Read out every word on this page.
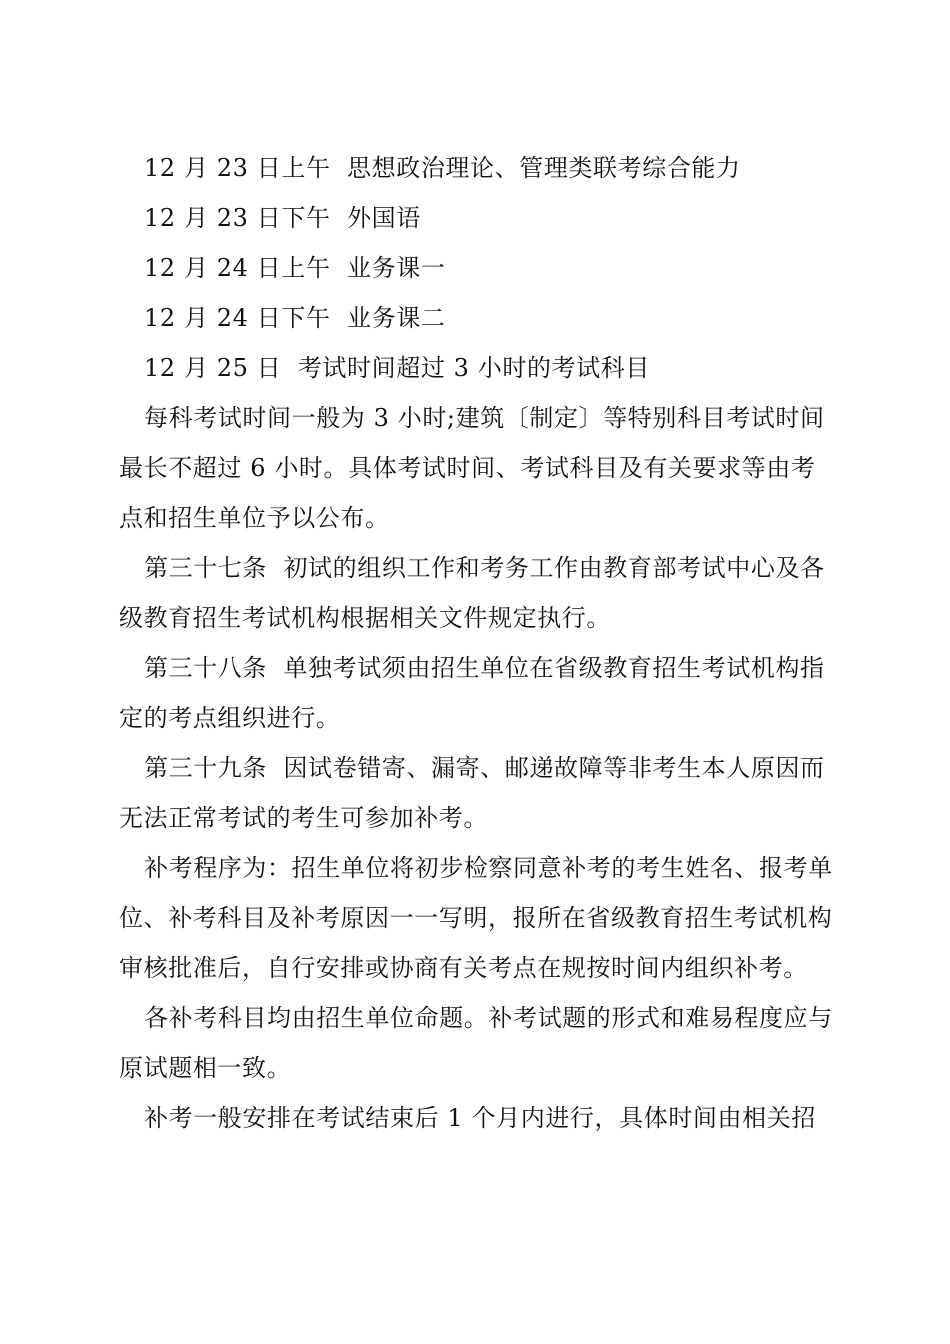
12 月 23 日上午  思想政治理论、管理类联考综合能力

12 月 23 日下午  外国语

12 月 24 日上午  业务课一

12 月 24 日下午  业务课二

12 月 25 日  考试时间超过 3 小时的考试科目

每科考试时间一般为 3 小时;建筑〔制定〕等特别科目考试时间最长不超过 6 小时。具体考试时间、考试科目及有关要求等由考点和招生单位予以公布。

第三十七条  初试的组织工作和考务工作由教育部考试中心及各级教育招生考试机构根据相关文件规定执行。

第三十八条  单独考试须由招生单位在省级教育招生考试机构指定的考点组织进行。

第三十九条  因试卷错寄、漏寄、邮递故障等非考生本人原因而无法正常考试的考生可参加补考。

补考程序为：招生单位将初步检察同意补考的考生姓名、报考单位、补考科目及补考原因一一写明，报所在省级教育招生考试机构审核批准后，自行安排或协商有关考点在规按时间内组织补考。

各补考科目均由招生单位命题。补考试题的形式和难易程度应与原试题相一致。

补考一般安排在考试结束后 1 个月内进行，具体时间由相关招
